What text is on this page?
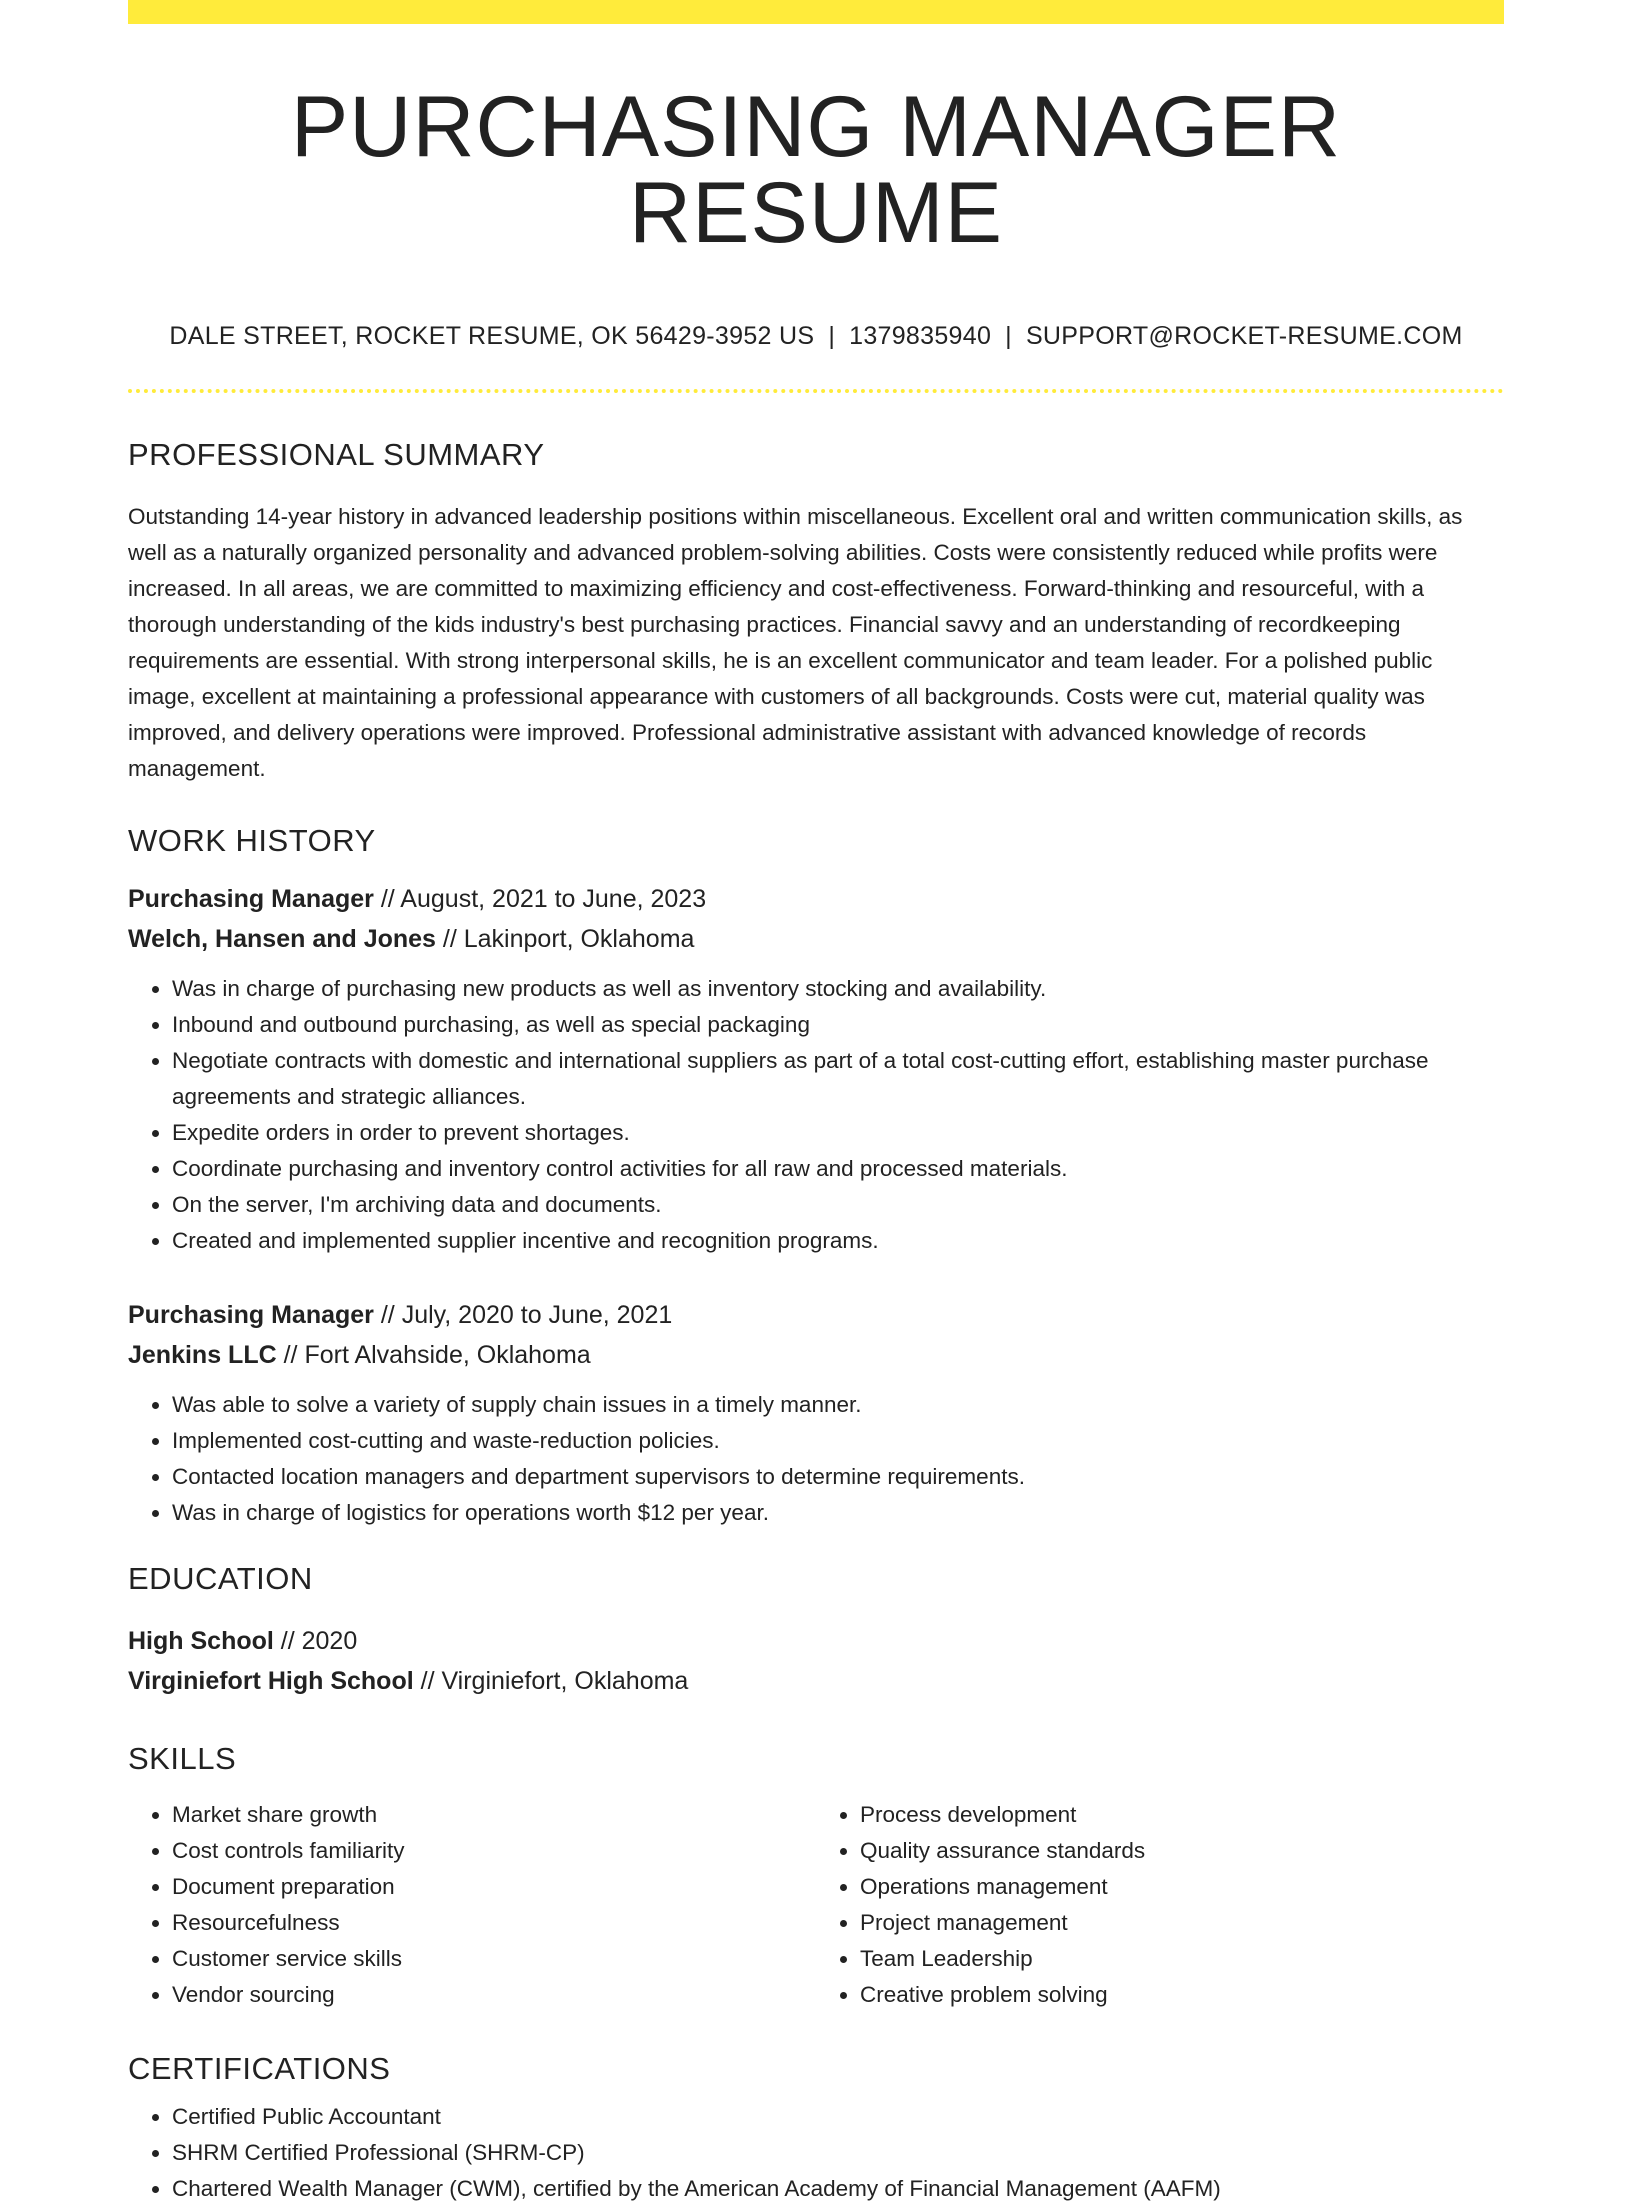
PURCHASING MANAGER RESUME
DALE STREET, ROCKET RESUME, OK 56429-3952 US | 1379835940 | SUPPORT@ROCKET-RESUME.COM
PROFESSIONAL SUMMARY

Outstanding 14-year history in advanced leadership positions within miscellaneous. Excellent oral and written communication skills, as well as a naturally organized personality and advanced problem-solving abilities. Costs were consistently reduced while profits were increased. In all areas, we are committed to maximizing efficiency and cost-effectiveness. Forward-thinking and resourceful, with a thorough understanding of the kids industry's best purchasing practices. Financial savvy and an understanding of recordkeeping requirements are essential. With strong interpersonal skills, he is an excellent communicator and team leader. For a polished public image, excellent at maintaining a professional appearance with customers of all backgrounds. Costs were cut, material quality was improved, and delivery operations were improved. Professional administrative assistant with advanced knowledge of records management.

WORK HISTORY
Purchasing Manager // August, 2021 to June, 2023
Welch, Hansen and Jones // Lakinport, Oklahoma
• Was in charge of purchasing new products as well as inventory stocking and availability.
• Inbound and outbound purchasing, as well as special packaging
• Negotiate contracts with domestic and international suppliers as part of a total cost-cutting effort, establishing master purchase agreements and strategic alliances.
• Expedite orders in order to prevent shortages.
• Coordinate purchasing and inventory control activities for all raw and processed materials.
• On the server, I'm archiving data and documents.
• Created and implemented supplier incentive and recognition programs.
Purchasing Manager // July, 2020 to June, 2021
Jenkins LLC // Fort Alvahside, Oklahoma
• Was able to solve a variety of supply chain issues in a timely manner.
• Implemented cost-cutting and waste-reduction policies.
• Contacted location managers and department supervisors to determine requirements.
• Was in charge of logistics for operations worth $12 per year.
EDUCATION
High School // 2020
Virginiefort High School // Virginiefort, Oklahoma
SKILLS
• Market share growth
• Cost controls familiarity
• Document preparation
• Resourcefulness
• Customer service skills
• Vendor sourcing
• Process development
• Quality assurance standards
• Operations management
• Project management
• Team Leadership
• Creative problem solving
CERTIFICATIONS
• Certified Public Accountant
• SHRM Certified Professional (SHRM-CP)
• Chartered Wealth Manager (CWM), certified by the American Academy of Financial Management (AAFM)
